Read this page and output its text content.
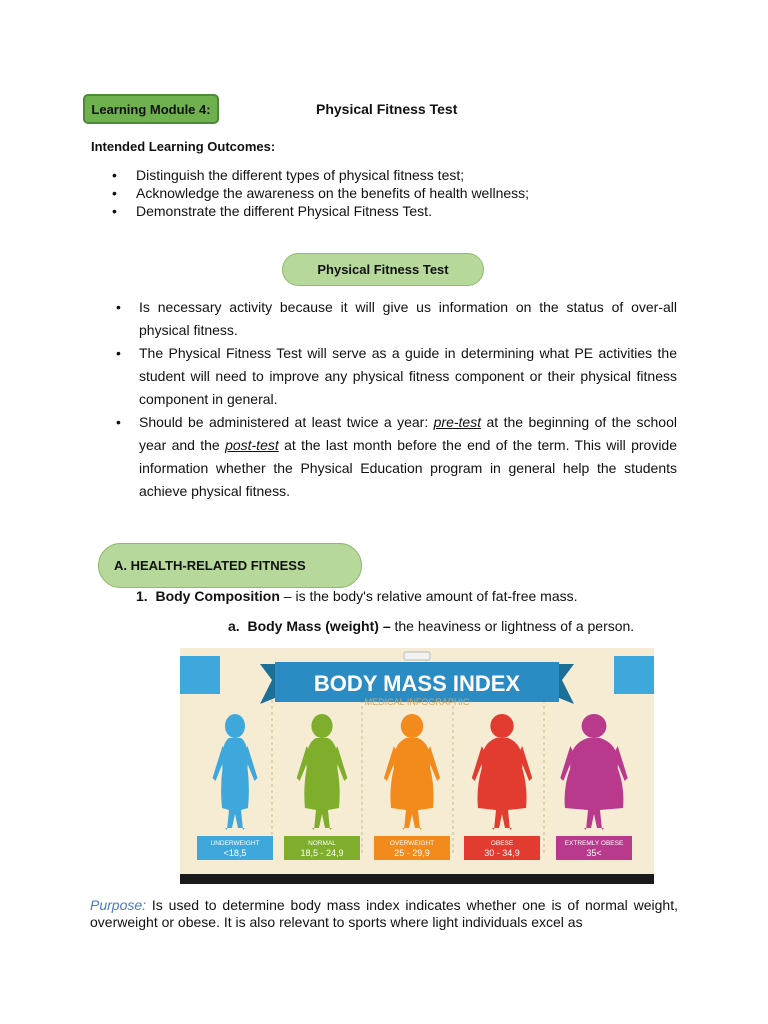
Learning Module 4:	Physical Fitness Test
Intended Learning Outcomes:
• Distinguish the different types of physical fitness test;
• Acknowledge the awareness on the benefits of health wellness;
• Demonstrate the different Physical Fitness Test.
Physical Fitness Test
• Is necessary activity because it will give us information on the status of over-all physical fitness.
• The Physical Fitness Test will serve as a guide in determining what PE activities the student will need to improve any physical fitness component or their physical fitness component in general.
• Should be administered at least twice a year: pre-test at the beginning of the school year and the post-test at the last month before the end of the term. This will provide information whether the Physical Education program in general help the students achieve physical fitness.
A. HEALTH-RELATED FITNESS
1. Body Composition – is the body's relative amount of fat-free mass.
a. Body Mass (weight) – the heaviness or lightness of a person.
BODY MASS INDEX
MEDICAL INFOGRAPHIC
UNDERWEIGHT
<18,5
NORMAL
18,5 - 24,9
OVERWEIGHT
25 - 29,9
OBESE
30 - 34,9
EXTREMLY OBESE
35<
Purpose: Is used to determine body mass index indicates whether one is of normal weight, overweight or obese. It is also relevant to sports where light individuals excel as
